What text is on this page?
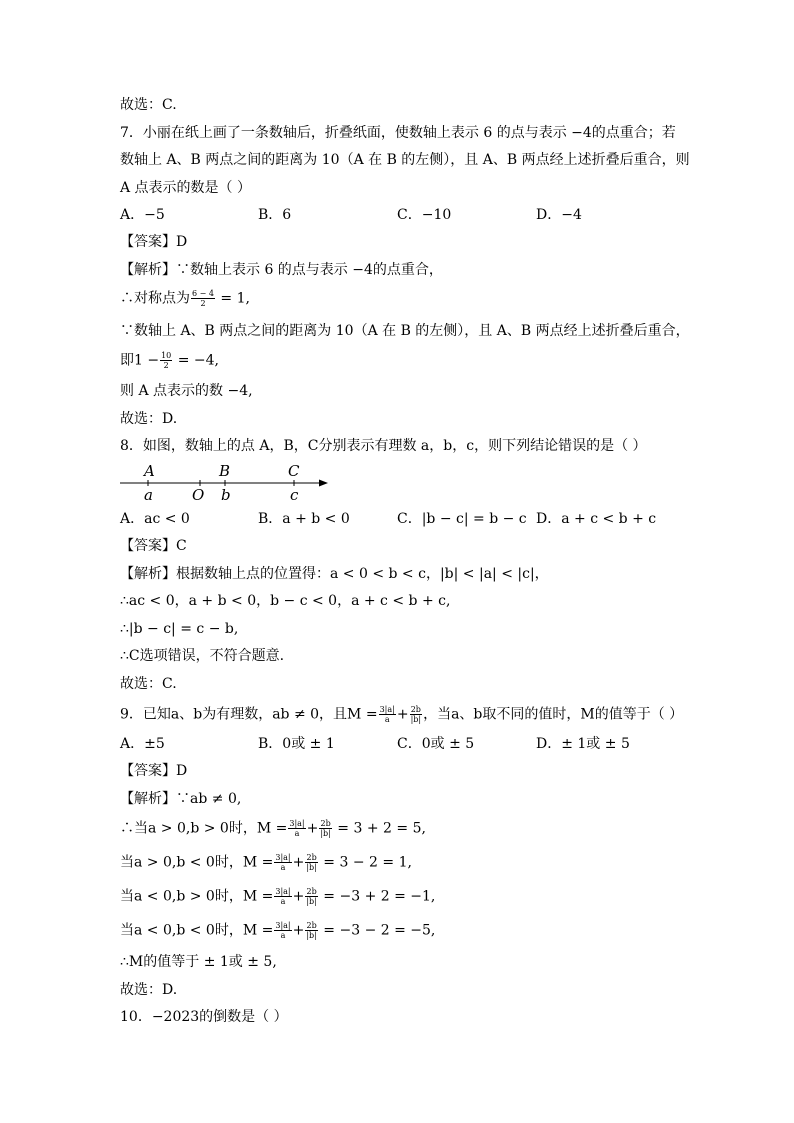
故选：C.
7．小丽在纸上画了一条数轴后，折叠纸面，使数轴上表示 6 的点与表示 −4的点重合；若
数轴上 A、B 两点之间的距离为 10（A 在 B 的左侧），且 A、B 两点经上述折叠后重合，则
A 点表示的数是（ ）
A．−5	B．6	C．−10	D．−4
【答案】D
【解析】∵数轴上表示 6 的点与表示 −4的点重合，
∴对称点为 $\frac{6 - 4}{2} = 1$,
∵数轴上 A、B 两点之间的距离为 10（A 在 B 的左侧），且 A、B 两点经上述折叠后重合，
即$1 - \frac{10}{2} = -4$,
则 A 点表示的数 −4,
故选：D.
8．如图，数轴上的点 A，B，C分别表示有理数 a，b，c，则下列结论错误的是（ ）
A	B	C
a	O b	c
A．ac < 0	B．a + b < 0	C．|b − c| = b − c D．a + c < b + c
【答案】C
【解析】根据数轴上点的位置得：a < 0 < b < c，|b| < |a| < |c|，
∴ac < 0，a + b < 0，b − c < 0，a + c < b + c,
∴|b − c| = c − b,
∴C选项错误，不符合题意.
故选：C.
9．已知a、b为有理数，ab ≠ 0，且$M = \frac{3|a|}{a} + \frac{2b}{|b|}$ ，当a、b取不同的值时，M的值等于（ ）
A．±5	B．0或 ± 1	C．0或 ± 5	D．± 1或 ± 5
【答案】D
【解析】∵ab ≠ 0,
∴当a > 0,b > 0时，$M = \frac{3|a|}{a} + \frac{2b}{|b|} = 3 + 2 = 5$,
当a > 0,b < 0时，$M = \frac{3|a|}{a} + \frac{2b}{|b|} = 3 - 2 = 1$,
当a < 0,b > 0时，$M = \frac{3|a|}{a} + \frac{2b}{|b|} = -3 + 2 = -1$,
当a < 0,b < 0时，$M = \frac{3|a|}{a} + \frac{2b}{|b|} = -3 - 2 = -5$,
∴M的值等于 ± 1或 ± 5,
故选：D.
10．−2023的倒数是（ ）
